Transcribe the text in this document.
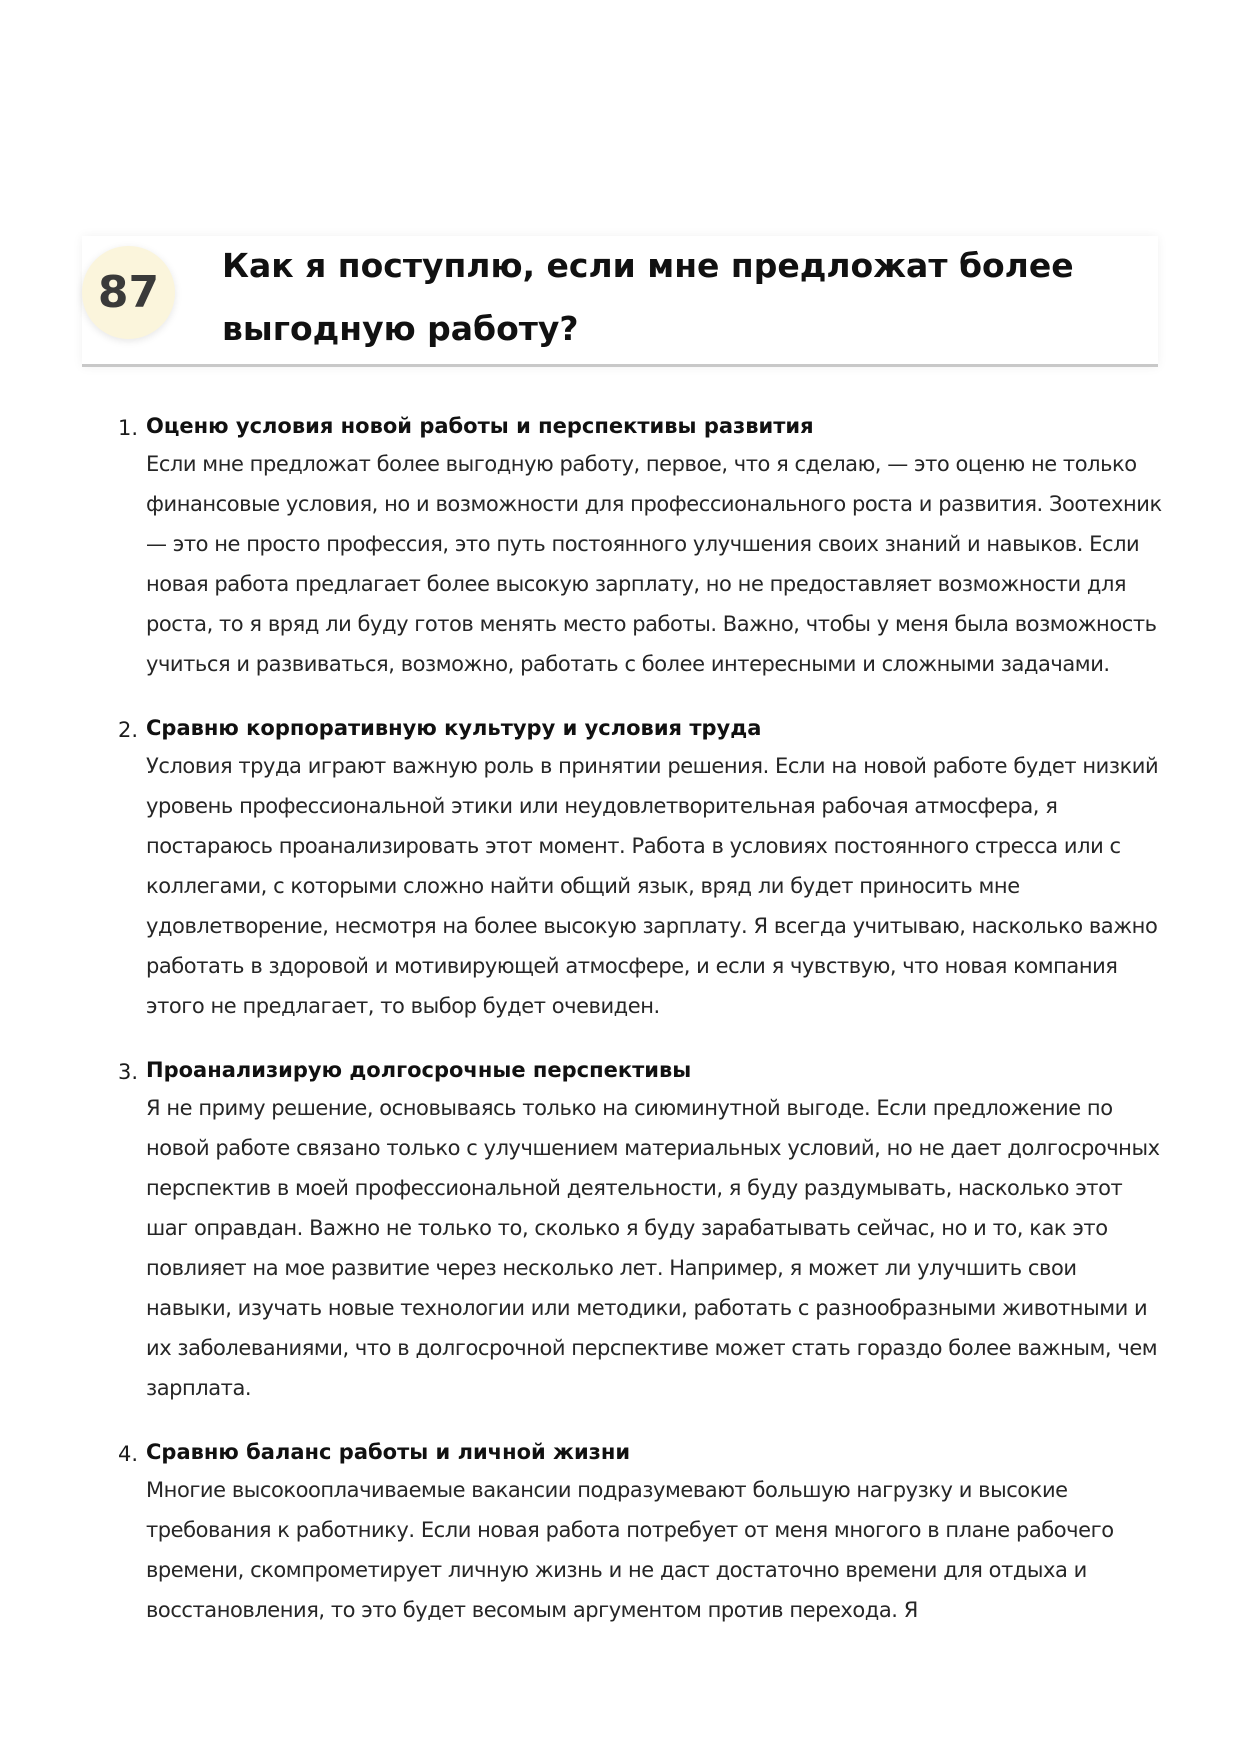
87
Как я поступлю, если мне предложат более выгодную работу?
1. Оценю условия новой работы и перспективы развития
Если мне предложат более выгодную работу, первое, что я сделаю, — это оценю не только финансовые условия, но и возможности для профессионального роста и развития. Зоотехник — это не просто профессия, это путь постоянного улучшения своих знаний и навыков. Если новая работа предлагает более высокую зарплату, но не предоставляет возможности для роста, то я вряд ли буду готов менять место работы. Важно, чтобы у меня была возможность учиться и развиваться, возможно, работать с более интересными и сложными задачами.
2. Сравню корпоративную культуру и условия труда
Условия труда играют важную роль в принятии решения. Если на новой работе будет низкий уровень профессиональной этики или неудовлетворительная рабочая атмосфера, я постараюсь проанализировать этот момент. Работа в условиях постоянного стресса или с коллегами, с которыми сложно найти общий язык, вряд ли будет приносить мне удовлетворение, несмотря на более высокую зарплату. Я всегда учитываю, насколько важно работать в здоровой и мотивирующей атмосфере, и если я чувствую, что новая компания этого не предлагает, то выбор будет очевиден.
3. Проанализирую долгосрочные перспективы
Я не приму решение, основываясь только на сиюминутной выгоде. Если предложение по новой работе связано только с улучшением материальных условий, но не дает долгосрочных перспектив в моей профессиональной деятельности, я буду раздумывать, насколько этот шаг оправдан. Важно не только то, сколько я буду зарабатывать сейчас, но и то, как это повлияет на мое развитие через несколько лет. Например, я может ли улучшить свои навыки, изучать новые технологии или методики, работать с разнообразными животными и их заболеваниями, что в долгосрочной перспективе может стать гораздо более важным, чем зарплата.
4. Сравню баланс работы и личной жизни
Многие высокооплачиваемые вакансии подразумевают большую нагрузку и высокие требования к работнику. Если новая работа потребует от меня многого в плане рабочего времени, скомпрометирует личную жизнь и не даст достаточно времени для отдыха и восстановления, то это будет весомым аргументом против перехода. Я
